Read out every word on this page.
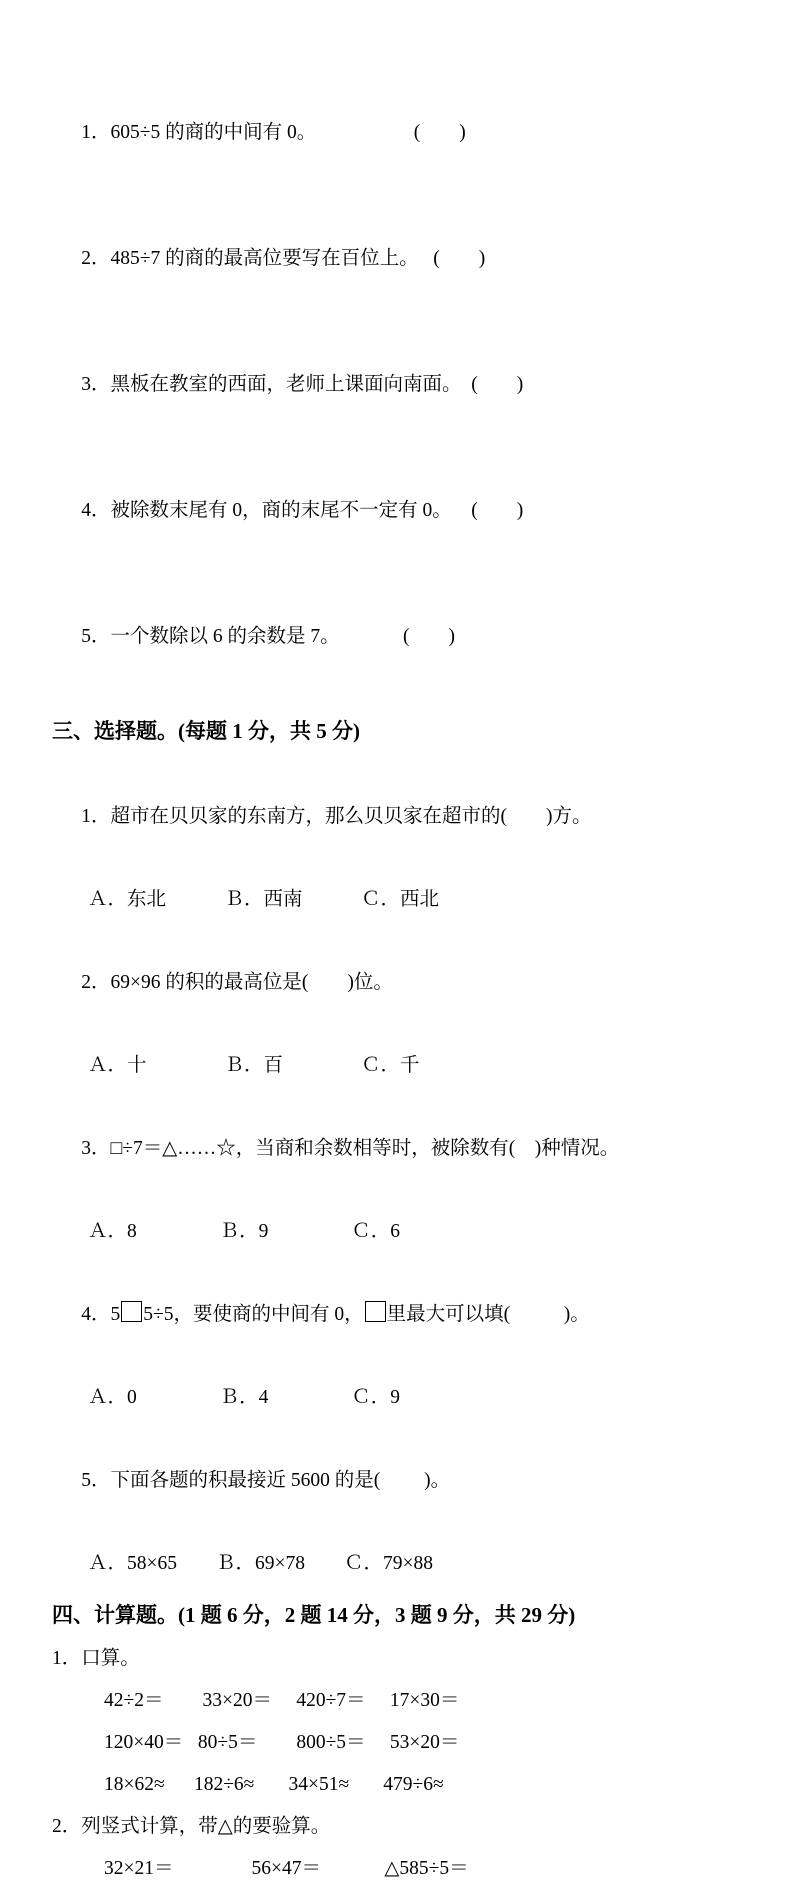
1．605÷5 的商的中间有 0。	(        )

2．485÷7 的商的最高位要写在百位上。 (        )

3．黑板在教室的西面，老师上课面向南面。 (        )

4．被除数末尾有 0，商的末尾不一定有 0。 (        )

5．一个数除以 6 的余数是 7。	(        )

三、选择题。(每题 1 分，共 5 分)

1．超市在贝贝家的东南方，那么贝贝家在超市的(        )方。

Ａ．东北            Ｂ．西南            Ｃ．西北

2．69×96 的积的最高位是(        )位。

Ａ．十                Ｂ．百                Ｃ．千

3．□÷7＝△……☆，当商和余数相等时，被除数有(    )种情况。

Ａ．8                 Ｂ．9                 Ｃ．6

4．5 5÷5，要使商的中间有 0， 里最大可以填(           )。

Ａ．0                 Ｂ．4                 Ｃ．9

5．下面各题的积最接近 5600 的是(         )。

Ａ．58×65        Ｂ．69×78        Ｃ．79×88
四、计算题。(1 题 6 分，2 题 14 分，3 题 9 分，共 29 分)
1．口算。
42÷2＝        33×20＝     420÷7＝     17×30＝
120×40＝   80÷5＝        800÷5＝     53×20＝
18×62≈      182÷6≈       34×51≈       479÷6≈
2．列竖式计算，带△的要验算。
32×21＝                56×47＝             △585÷5＝
